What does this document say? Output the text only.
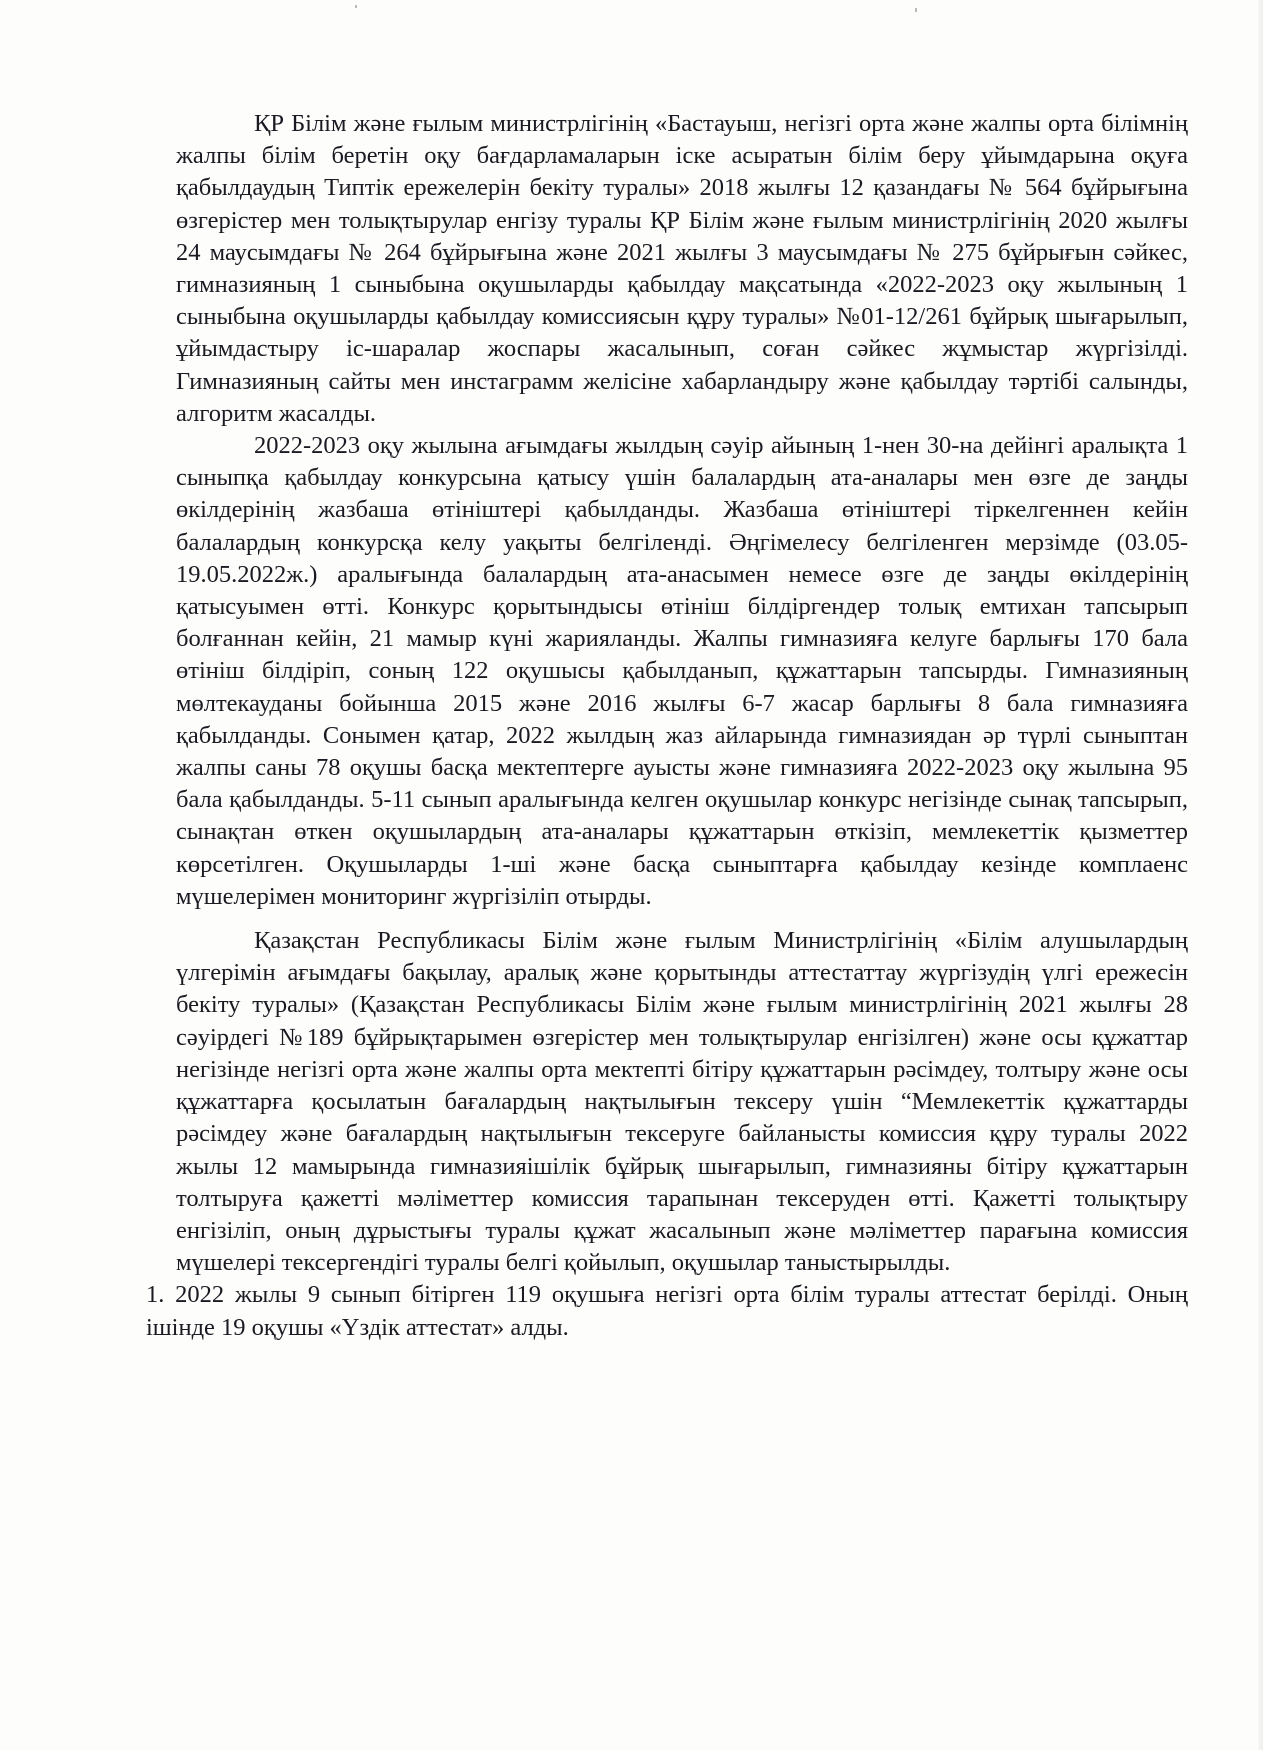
ҚР Білім және ғылым министрлігінің «Бастауыш, негізгі орта және жалпы орта білімнің жалпы білім беретін оқу бағдарламаларын іске асыратын білім беру ұйымдарына оқуға қабылдаудың Типтік ережелерін бекіту туралы» 2018 жылғы 12 қазандағы № 564 бұйрығына өзгерістер мен толықтырулар енгізу туралы ҚР Білім және ғылым министрлігінің 2020 жылғы 24 маусымдағы № 264 бұйрығына және 2021 жылғы 3 маусымдағы № 275 бұйрығын сәйкес, гимназияның 1 сыныбына оқушыларды қабылдау мақсатында «2022-2023 оқу жылының 1 сыныбына оқушыларды қабылдау комиссиясын құру туралы» №01-12/261 бұйрық шығарылып, ұйымдастыру іс-шаралар жоспары жасалынып, соған сәйкес жұмыстар жүргізілді. Гимназияның сайты мен инстаграмм желісіне хабарландыру және қабылдау тәртібі салынды, алгоритм жасалды.

2022-2023 оқу жылына ағымдағы жылдың сәуір айының 1-нен 30-на дейінгі аралықта 1 сыныпқа қабылдау конкурсына қатысу үшін балалардың ата-аналары мен өзге де заңды өкілдерінің жазбаша өтініштері қабылданды. Жазбаша өтініштері тіркелгеннен кейін балалардың конкурсқа келу уақыты белгіленді. Әңгімелесу белгіленген мерзімде (03.05-19.05.2022ж.) аралығында балалардың ата-анасымен немесе өзге де заңды өкілдерінің қатысуымен өтті. Конкурс қорытындысы өтініш білдіргендер толық емтихан тапсырып болғаннан кейін, 21 мамыр күні жарияланды. Жалпы гимназияға келуге барлығы 170 бала өтініш білдіріп, соның 122 оқушысы қабылданып, құжаттарын тапсырды. Гимназияның мөлтекауданы бойынша 2015 және 2016 жылғы 6-7 жасар барлығы 8 бала гимназияға қабылданды. Сонымен қатар, 2022 жылдың жаз айларында гимназиядан әр түрлі сыныптан жалпы саны 78 оқушы басқа мектептерге ауысты және гимназияға 2022-2023 оқу жылына 95 бала қабылданды. 5-11 сынып аралығында келген оқушылар конкурс негізінде сынақ тапсырып, сынақтан өткен оқушылардың ата-аналары құжаттарын өткізіп, мемлекеттік қызметтер көрсетілген. Оқушыларды 1-ші және басқа сыныптарға қабылдау кезінде комплаенс мүшелерімен мониторинг жүргізіліп отырды.

Қазақстан Республикасы Білім және ғылым Министрлігінің «Білім алушылардың үлгерімін ағымдағы бақылау, аралық және қорытынды аттестаттау жүргізудің үлгі ережесін бекіту туралы» (Қазақстан Республикасы Білім және ғылым министрлігінің 2021 жылғы 28 сәуірдегі №189 бұйрықтарымен өзгерістер мен толықтырулар енгізілген) және осы құжаттар негізінде негізгі орта және жалпы орта мектепті бітіру құжаттарын рәсімдеу, толтыру және осы құжаттарға қосылатын бағалардың нақтылығын тексеру үшін “Мемлекеттік құжаттарды рәсімдеу және бағалардың нақтылығын тексеруге байланысты комиссия құру туралы 2022 жылы 12 мамырында гимназияішілік бұйрық шығарылып, гимназияны бітіру құжаттарын толтыруға қажетті мәліметтер комиссия тарапынан тексеруден өтті. Қажетті толықтыру енгізіліп, оның дұрыстығы туралы құжат жасалынып және мәліметтер парағына комиссия мүшелері тексергендігі туралы белгі қойылып, оқушылар таныстырылды.

1. 2022 жылы 9 сынып бітірген 119 оқушыға негізгі орта білім туралы аттестат берілді. Оның ішінде 19 оқушы «Үздік аттестат» алды.
